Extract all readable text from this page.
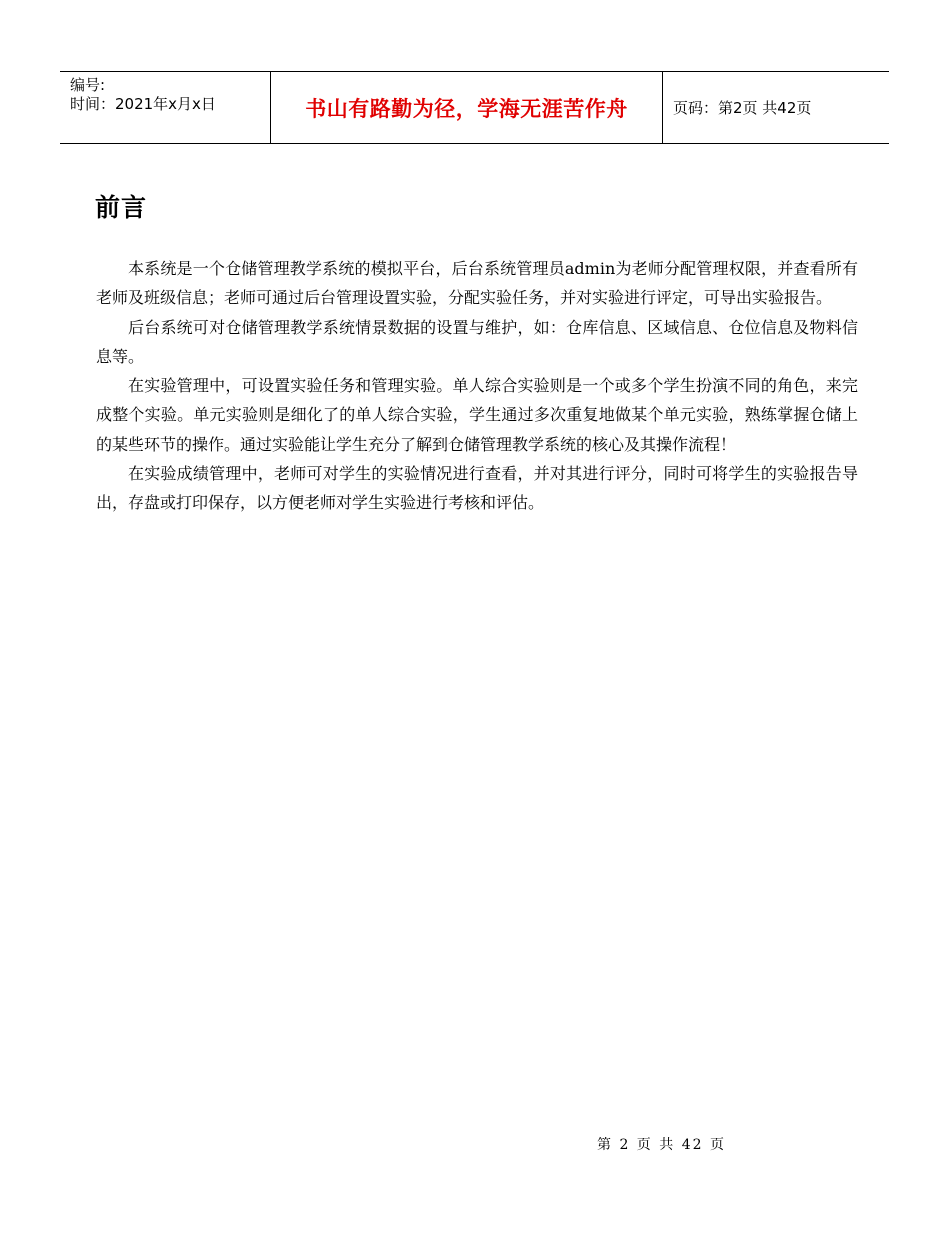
编号:
时间：2021年x月x日	书山有路勤为径，学海无涯苦作舟	页码：第2页 共42页
前言

本系统是一个仓储管理教学系统的模拟平台，后台系统管理员admin为老师分配管理权限，并查看所有老师及班级信息；老师可通过后台管理设置实验，分配实验任务，并对实验进行评定，可导出实验报告。

后台系统可对仓储管理教学系统情景数据的设置与维护，如：仓库信息、区域信息、仓位信息及物料信息等。

在实验管理中，可设置实验任务和管理实验。单人综合实验则是一个或多个学生扮演不同的角色，来完成整个实验。单元实验则是细化了的单人综合实验，学生通过多次重复地做某个单元实验，熟练掌握仓储上的某些环节的操作。通过实验能让学生充分了解到仓储管理教学系统的核心及其操作流程！

在实验成绩管理中，老师可对学生的实验情况进行查看，并对其进行评分，同时可将学生的实验报告导出，存盘或打印保存，以方便老师对学生实验进行考核和评估。

第 2 页 共 42 页
